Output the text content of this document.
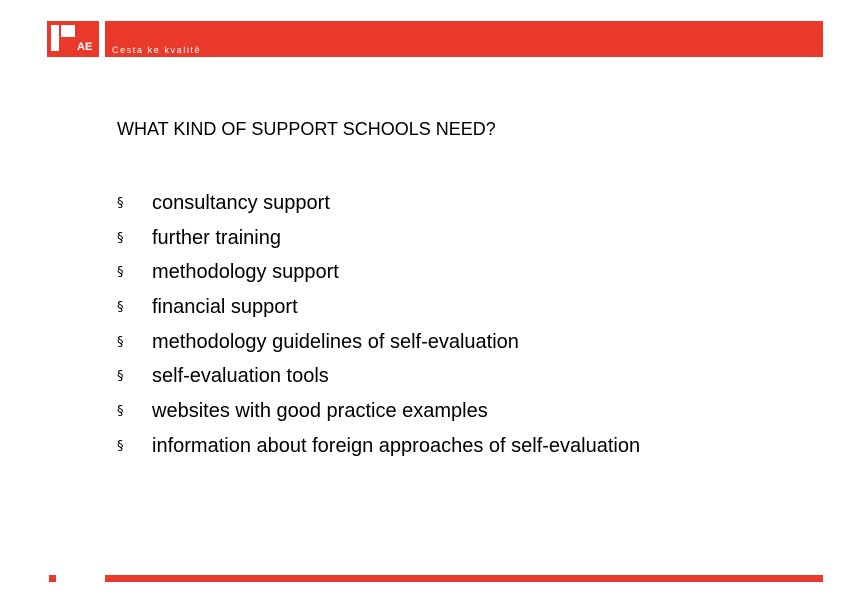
AE Cesta ke kvalitě
WHAT KIND OF SUPPORT SCHOOLS NEED?
§	consultancy support
§	further training
§	methodology support
§	financial support
§	methodology guidelines of self-evaluation
§	self-evaluation tools
§	websites with good practice examples
§	information about foreign approaches of self-evaluation
